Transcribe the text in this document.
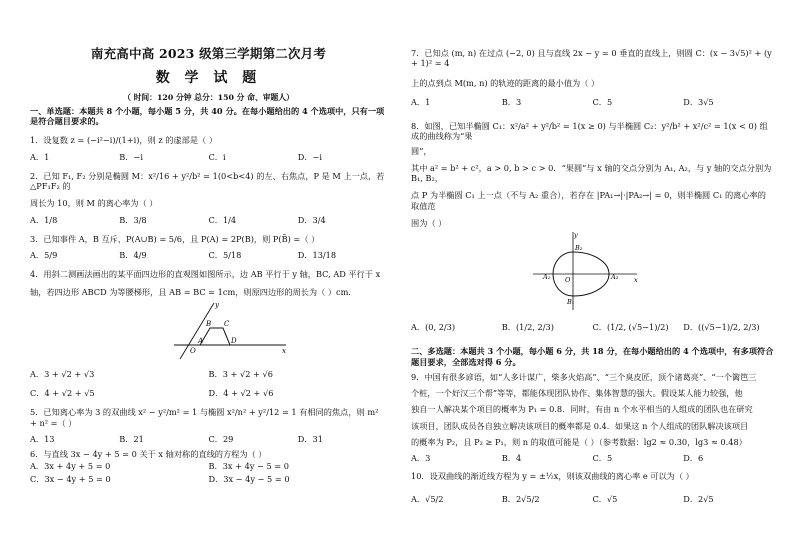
南充高中高 2023 级第三学期第二次月考
数 学 试 题
（ 时间：120 分钟 总分：150 分 命、审题人）
一、单选题：本题共 8 个小题，每小题 5 分，共 40 分。在每小题给出的 4 个选项中，只有一项是符合题目要求的。
1．设复数 z = (−i²−i)/(1+i)，则 z 的虚部是（ ）
A．1	B．−i	C．i	D．−i
2．已知 F₁, F₂ 分别是椭圆 M：x²/16 + y²/b² = 1(0<b<4) 的左、右焦点，P 是 M 上一点，若 △PF₁F₂ 的
周长为 10，则 M 的离心率为（ ）
A．1/8	B．3/8	C．1/4	D．3/4
3．已知事件 A，B 互斥，P(A∪B) = 5/6，且 P(A) = 2P(B)，则 P(B̄) =（ ）
A．5/9	B．4/9	C．5/18	D．13/18
4．用斜二测画法画出的某平面四边形的直观图如图所示，边 AB 平行于 y 轴，BC, AD 平行于 x
轴，若四边形 ABCD 为等腰梯形，且 AB = BC = 1cm，则原四边形的周长为（ ）cm．
y
x
O
A
B C
D
A．3 + √2 + √3	B．3 + √2 + √6
C．4 + √2 + √5	D．4 + √2 + √6
5．已知离心率为 3 的双曲线 x² − y²/m² = 1 与椭圆 x²/n² + y²/12 = 1 有相同的焦点，则 m² + n² =（ ）
A．13	B．21	C．29	D．31
6．与直线 3x − 4y + 5 = 0 关于 x 轴对称的直线的方程为（ ）
A．3x + 4y + 5 = 0	B．3x + 4y − 5 = 0
C．3x − 4y + 5 = 0	D．3x − 4y − 5 = 0
7．已知点 (m, n) 在过点 (−2, 0) 且与直线 2x − y = 0 垂直的直线上，则圆 C：(x − 3√5)² + (y + 1)² = 4
上的点到点 M(m, n) 的轨迹的距离的最小值为（ ）
A．1	B．3	C．5	D．3√5
8．如图，已知半椭圆 C₁：x²/a² + y²/b² = 1(x ≥ 0) 与半椭圆 C₂：y²/b² + x²/c² = 1(x < 0) 组成的曲线称为“果
圆”，
其中 a² = b² + c²，a > 0, b > c > 0．“果圆”与 x 轴的交点分别为 A₁, A₂，与 y 轴的交点分别为 B₁, B₂，
点 P 为半椭圆 C₁ 上一点（不与 A₂ 重合），若存在 |PA₁→|·|PA₂→| = 0，则半椭圆 C₁ 的离心率的取值范
围为（ ）
y
x
O
A₁	A₂
B₂
B₁
A．(0, 2/3)	B．(1/2, 2/3)	C．(1/2, (√5−1)/2)	D．((√5−1)/2, 2/3)
二、多选题：本题共 3 个小题，每小题 6 分，共 18 分，在每小题给出的 4 个选项中，有多项符合题目要求，全部选对得 6 分。
9．中国有很多谚语，如“人多计谋广，柴多火焰高”、“三个臭皮匠，顶个诸葛亮”、“一个篱笆三
个桩，一个好汉三个帮”等等，都能体现团队协作、集体智慧的强大。假设某人能力较强，他
独自一人解决某个项目的概率为 P₁ = 0.8．同时，有由 n 个水平相当的人组成的团队也在研究
该项目，团队成员各自独立解决该项目的概率都是 0.4．如果这 n 个人组成的团队解决该项目
的概率为 P₂，且 P₂ ≥ P₁，则 n 的取值可能是（ ）（参考数据：lg2 ≈ 0.30，lg3 ≈ 0.48）
A．3	B．4	C．5	D．6
10．设双曲线的渐近线方程为 y = ±½x，则该双曲线的离心率 e 可以为（ ）
A．√5/2	B．2√5/2	C．√5	D．2√5
